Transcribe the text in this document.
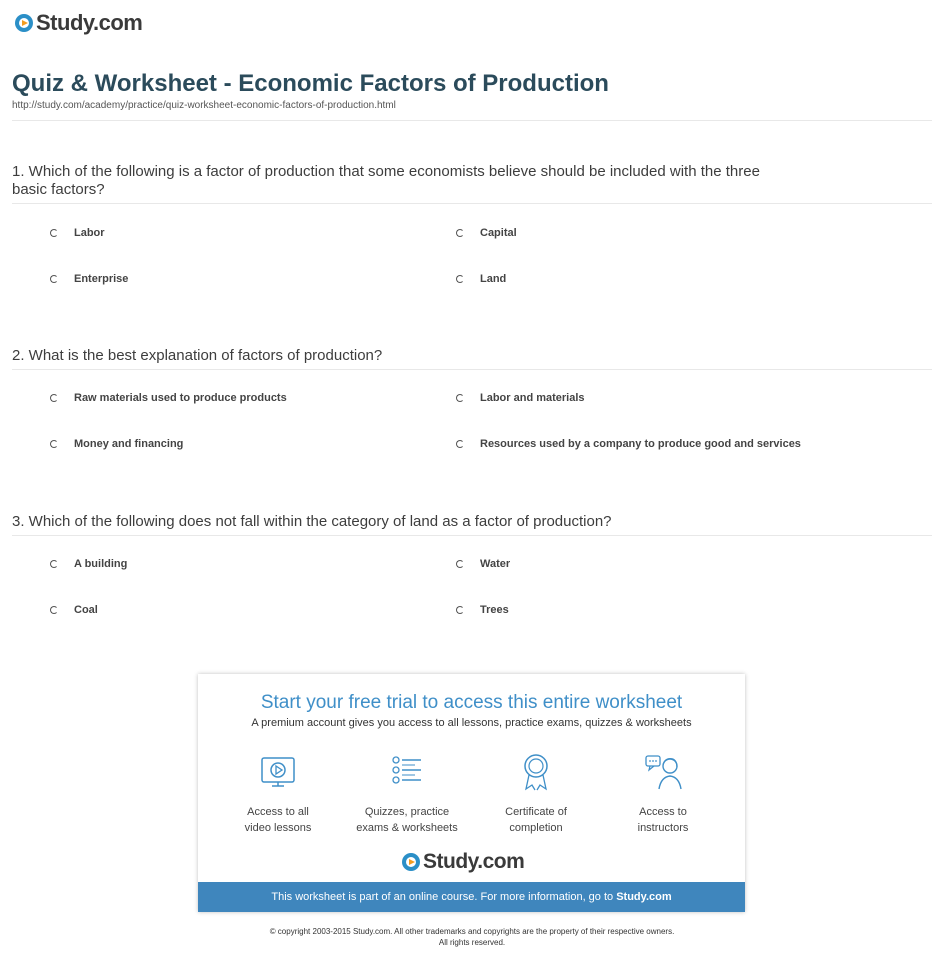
Study.com
Quiz & Worksheet - Economic Factors of Production
http://study.com/academy/practice/quiz-worksheet-economic-factors-of-production.html
1. Which of the following is a factor of production that some economists believe should be included with the three basic factors?
Labor	Capital
Enterprise	Land
2. What is the best explanation of factors of production?
Raw materials used to produce products	Labor and materials
Money and financing	Resources used by a company to produce good and services
3. Which of the following does not fall within the category of land as a factor of production?
A building	Water
Coal	Trees
Start your free trial to access this entire worksheet
A premium account gives you access to all lessons, practice exams, quizzes & worksheets
Access to all
video lessons
Quizzes, practice
exams & worksheets
Certificate of
completion
Access to
instructors
Study.com
This worksheet is part of an online course. For more information, go to Study.com
© copyright 2003-2015 Study.com. All other trademarks and copyrights are the property of their respective owners.
All rights reserved.
